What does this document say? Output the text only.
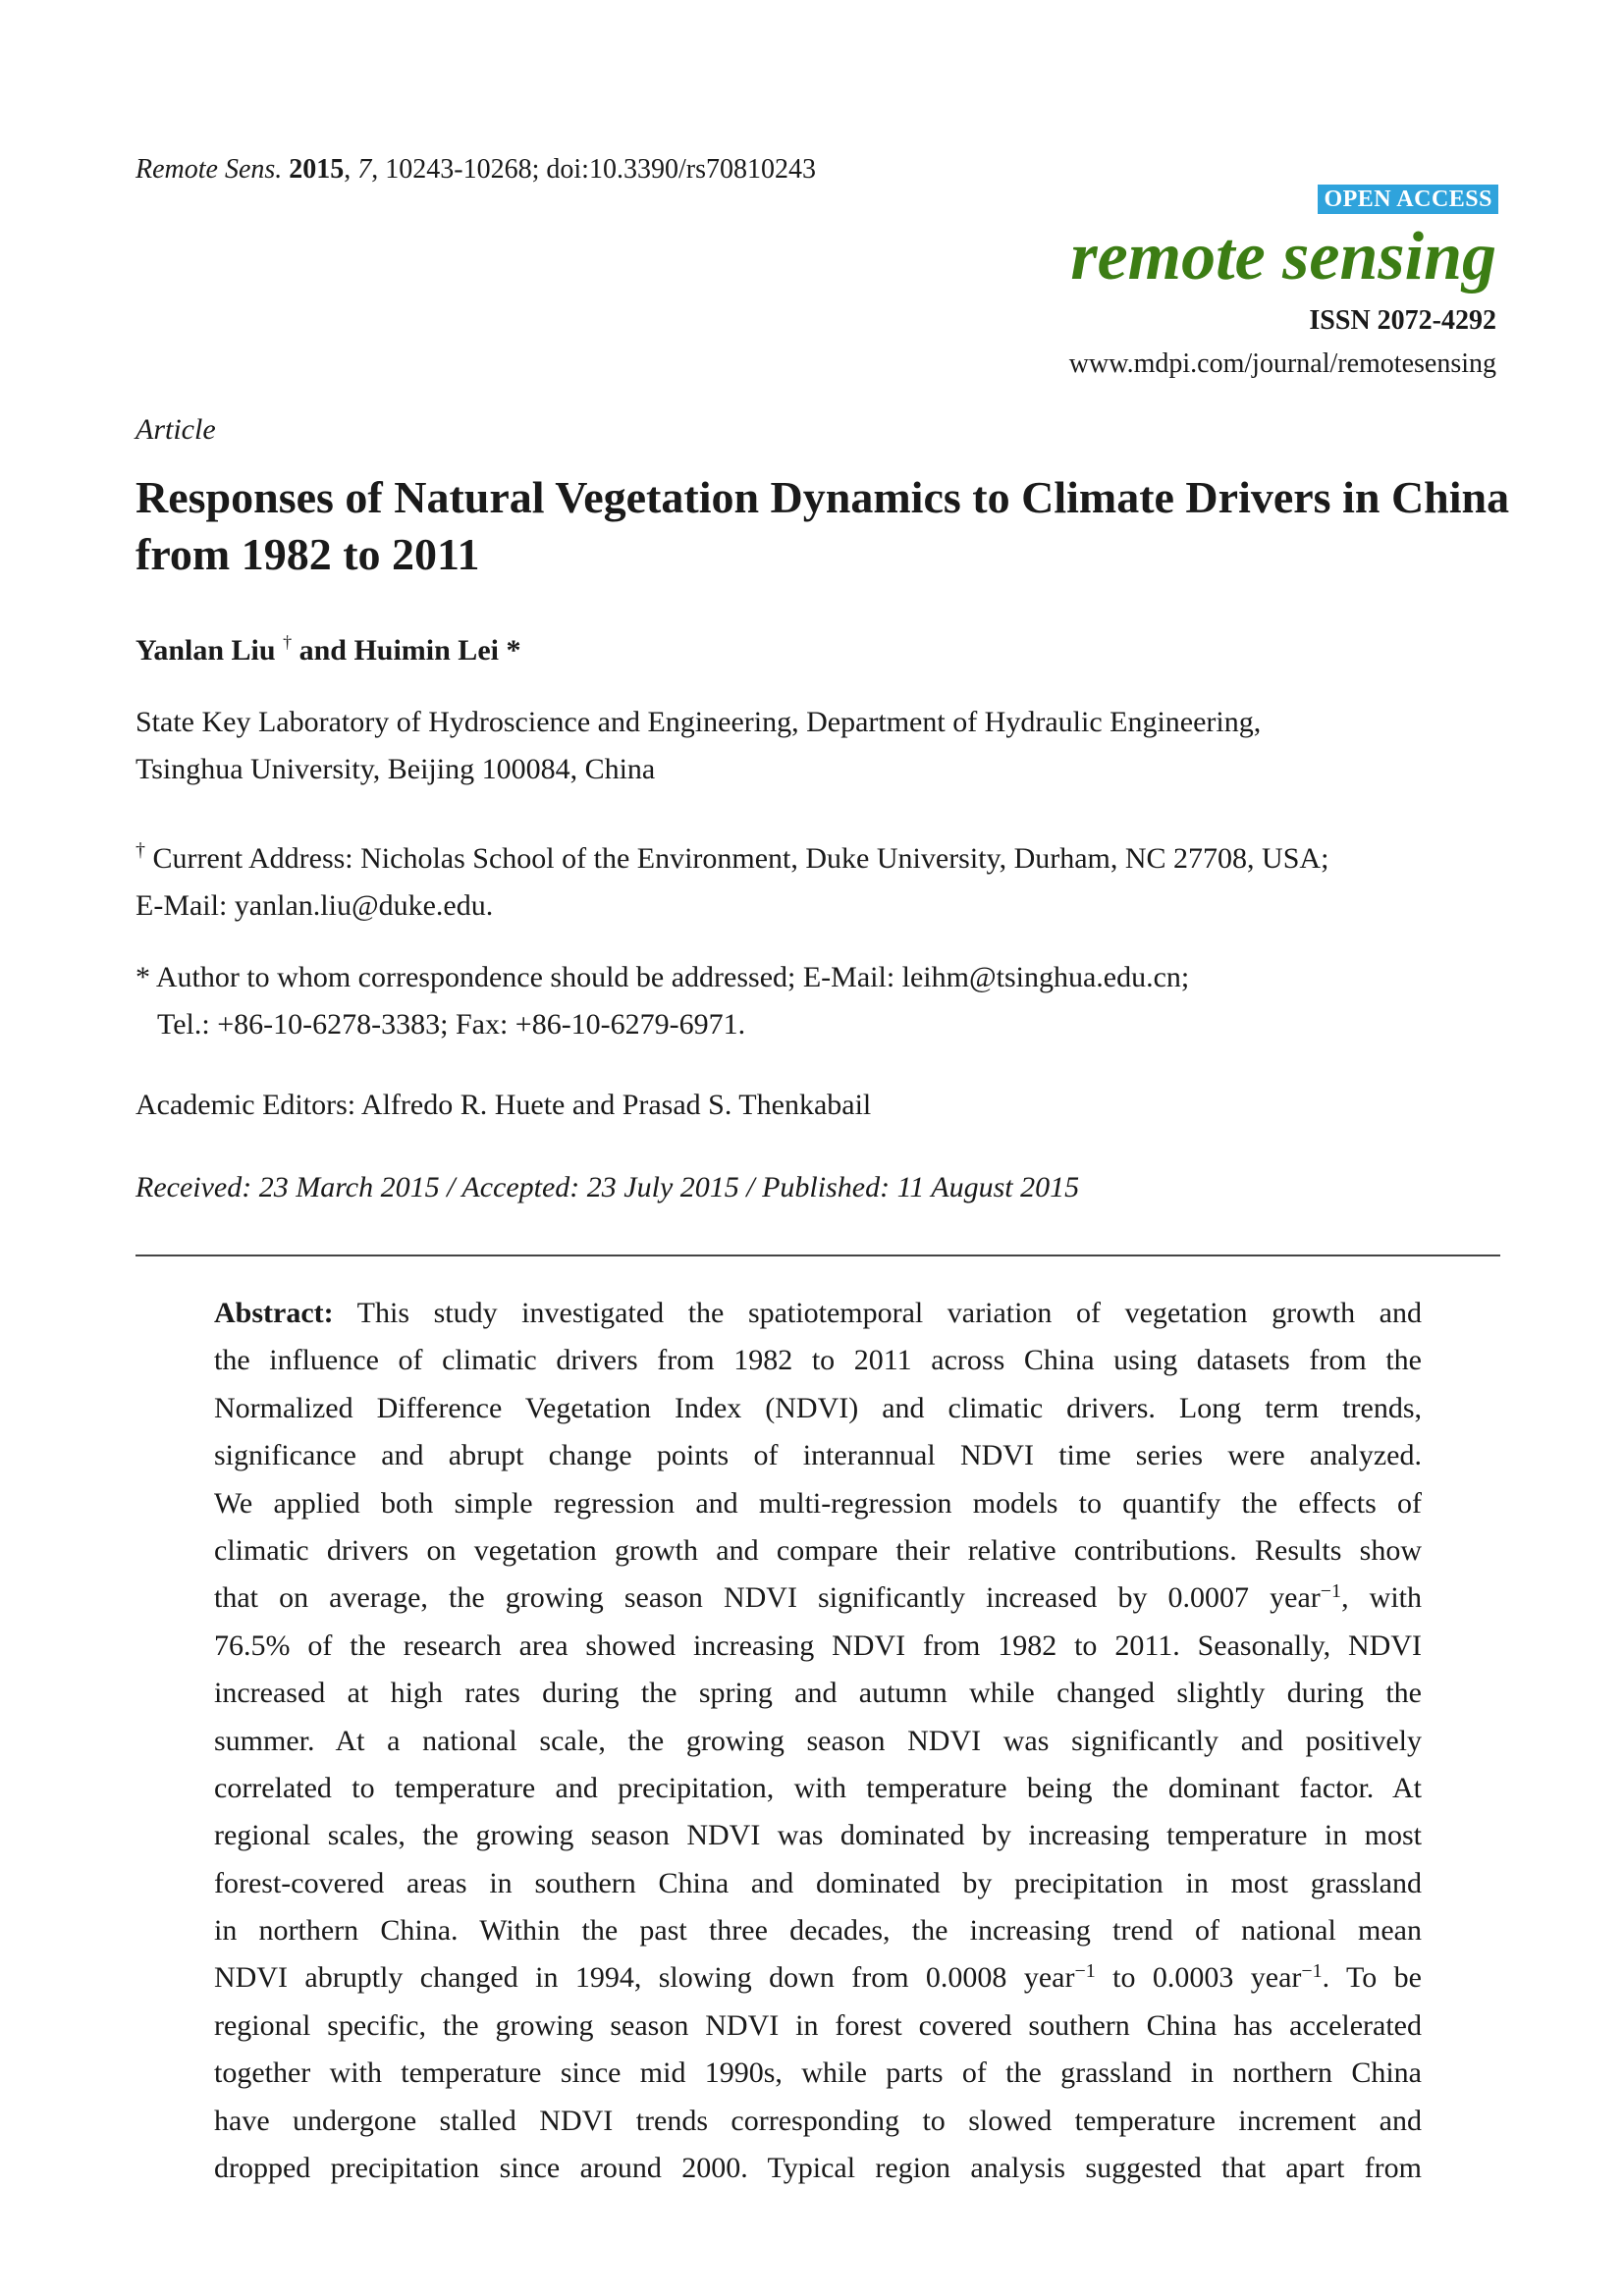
Remote Sens. 2015, 7, 10243-10268; doi:10.3390/rs70810243
OPEN ACCESS
remote sensing
ISSN 2072-4292
www.mdpi.com/journal/remotesensing
Article
Responses of Natural Vegetation Dynamics to Climate Drivers in China from 1982 to 2011
Yanlan Liu † and Huimin Lei *
State Key Laboratory of Hydroscience and Engineering, Department of Hydraulic Engineering,
Tsinghua University, Beijing 100084, China
† Current Address: Nicholas School of the Environment, Duke University, Durham, NC 27708, USA;
E-Mail: yanlan.liu@duke.edu.
* Author to whom correspondence should be addressed; E-Mail: leihm@tsinghua.edu.cn;
Tel.: +86-10-6278-3383; Fax: +86-10-6279-6971.
Academic Editors: Alfredo R. Huete and Prasad S. Thenkabail
Received: 23 March 2015 / Accepted: 23 July 2015 / Published: 11 August 2015
Abstract: This study investigated the spatiotemporal variation of vegetation growth and
the influence of climatic drivers from 1982 to 2011 across China using datasets from the
Normalized Difference Vegetation Index (NDVI) and climatic drivers. Long term trends,
significance and abrupt change points of interannual NDVI time series were analyzed.
We applied both simple regression and multi-regression models to quantify the effects of
climatic drivers on vegetation growth and compare their relative contributions. Results show
that on average, the growing season NDVI significantly increased by 0.0007 year$^{-1}$, with
76.5% of the research area showed increasing NDVI from 1982 to 2011. Seasonally, NDVI
increased at high rates during the spring and autumn while changed slightly during the
summer. At a national scale, the growing season NDVI was significantly and positively
correlated to temperature and precipitation, with temperature being the dominant factor. At
regional scales, the growing season NDVI was dominated by increasing temperature in most
forest-covered areas in southern China and dominated by precipitation in most grassland
in northern China. Within the past three decades, the increasing trend of national mean
NDVI abruptly changed in 1994, slowing down from 0.0008 year$^{-1}$ to 0.0003 year$^{-1}$. To be
regional specific, the growing season NDVI in forest covered southern China has accelerated
together with temperature since mid 1990s, while parts of the grassland in northern China
have undergone stalled NDVI trends corresponding to slowed temperature increment and
dropped precipitation since around 2000. Typical region analysis suggested that apart from
